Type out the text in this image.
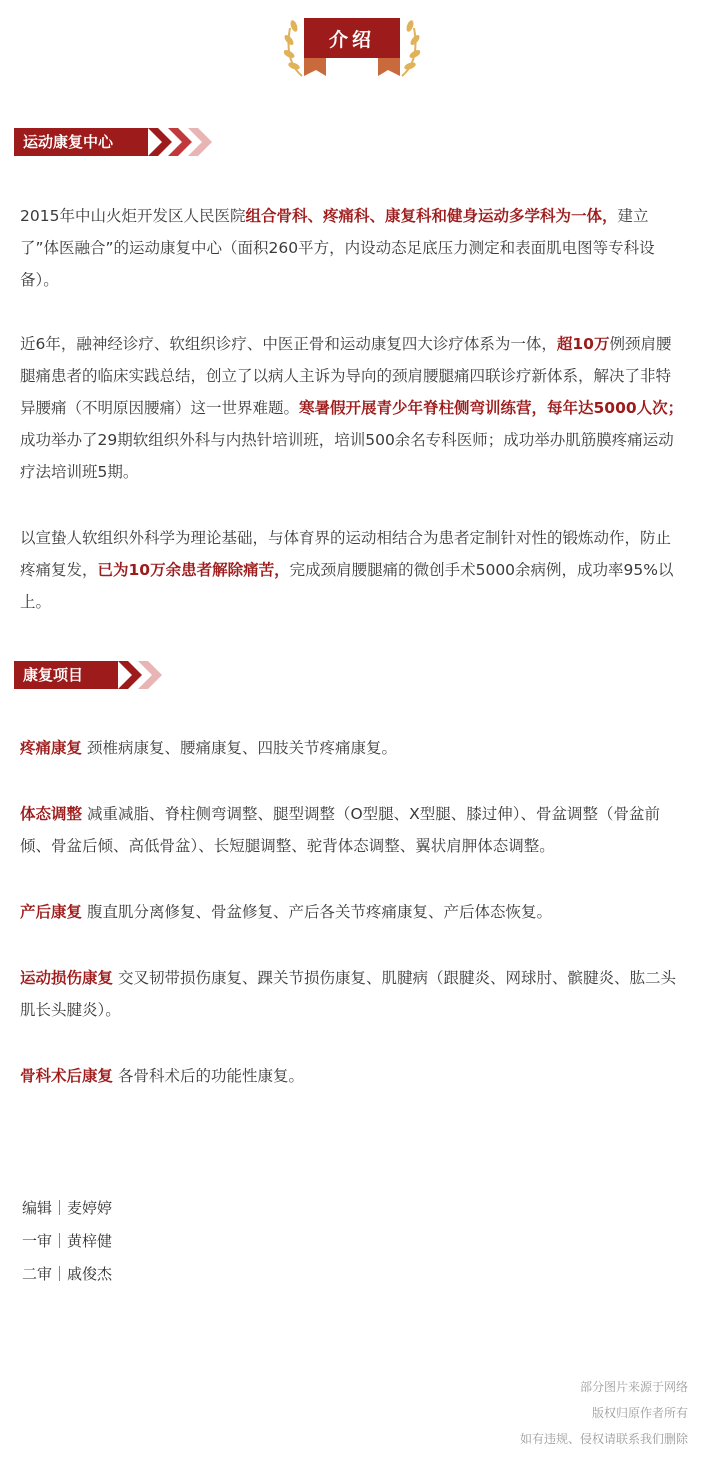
介绍
运动康复中心

2015年中山火炬开发区人民医院组合骨科、疼痛科、康复科和健身运动多学科为一体，建立了”体医融合”的运动康复中心（面积260平方，内设动态足底压力测定和表面肌电图等专科设备）。

近6年，融神经诊疗、软组织诊疗、中医正骨和运动康复四大诊疗体系为一体，超10万例颈肩腰腿痛患者的临床实践总结，创立了以病人主诉为导向的颈肩腰腿痛四联诊疗新体系，解决了非特异腰痛（不明原因腰痛）这一世界难题。寒暑假开展青少年脊柱侧弯训练营，每年达5000人次；成功举办了29期软组织外科与内热针培训班，培训500余名专科医师；成功举办肌筋膜疼痛运动疗法培训班5期。

以宣蛰人软组织外科学为理论基础，与体育界的运动相结合为患者定制针对性的锻炼动作，防止疼痛复发，已为10万余患者解除痛苦，完成颈肩腰腿痛的微创手术5000余病例，成功率95%以上。

康复项目

疼痛康复 颈椎病康复、腰痛康复、四肢关节疼痛康复。

体态调整 减重减脂、脊柱侧弯调整、腿型调整（O型腿、X型腿、膝过伸）、骨盆调整（骨盆前倾、骨盆后倾、高低骨盆）、长短腿调整、驼背体态调整、翼状肩胛体态调整。

产后康复 腹直肌分离修复、骨盆修复、产后各关节疼痛康复、产后体态恢复。

运动损伤康复 交叉韧带损伤康复、踝关节损伤康复、肌腱病（跟腱炎、网球肘、髌腱炎、肱二头肌长头腱炎）。

骨科术后康复 各骨科术后的功能性康复。

编辑｜麦婷婷
一审｜黄梓健
二审｜戚俊杰
部分图片来源于网络
版权归原作者所有
如有违规、侵权请联系我们删除
